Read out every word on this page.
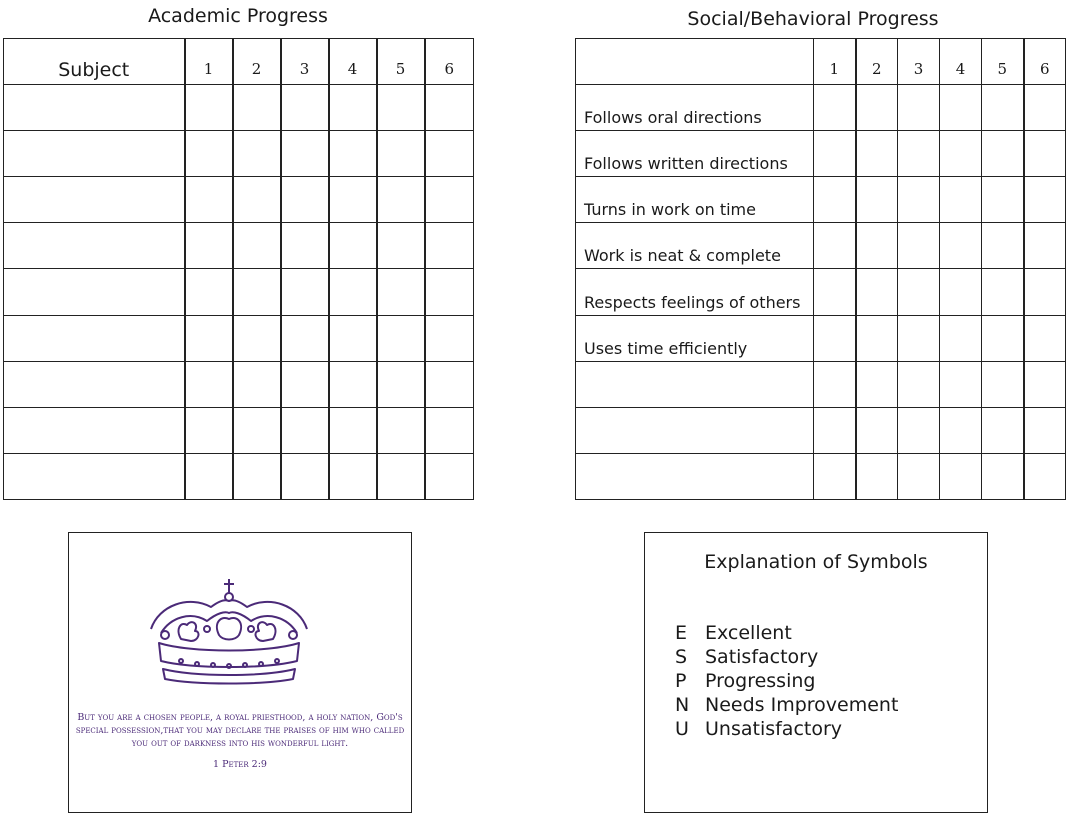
Academic Progress
Subject	1	2	3	4	5	6

Social/Behavioral Progress
	1	2	3	4	5	6
Follows oral directions						
Follows written directions						
Turns in work on time						
Work is neat & complete						
Respects feelings of others						
Uses time efficiently						

But you are a chosen people, a royal priesthood, a holy nation, God's special possession,that you may declare the praises of him who called you out of darkness into his wonderful light.
1 Peter 2:9
Explanation of Symbols
E Excellent
S Satisfactory
P Progressing
N Needs Improvement
U Unsatisfactory
